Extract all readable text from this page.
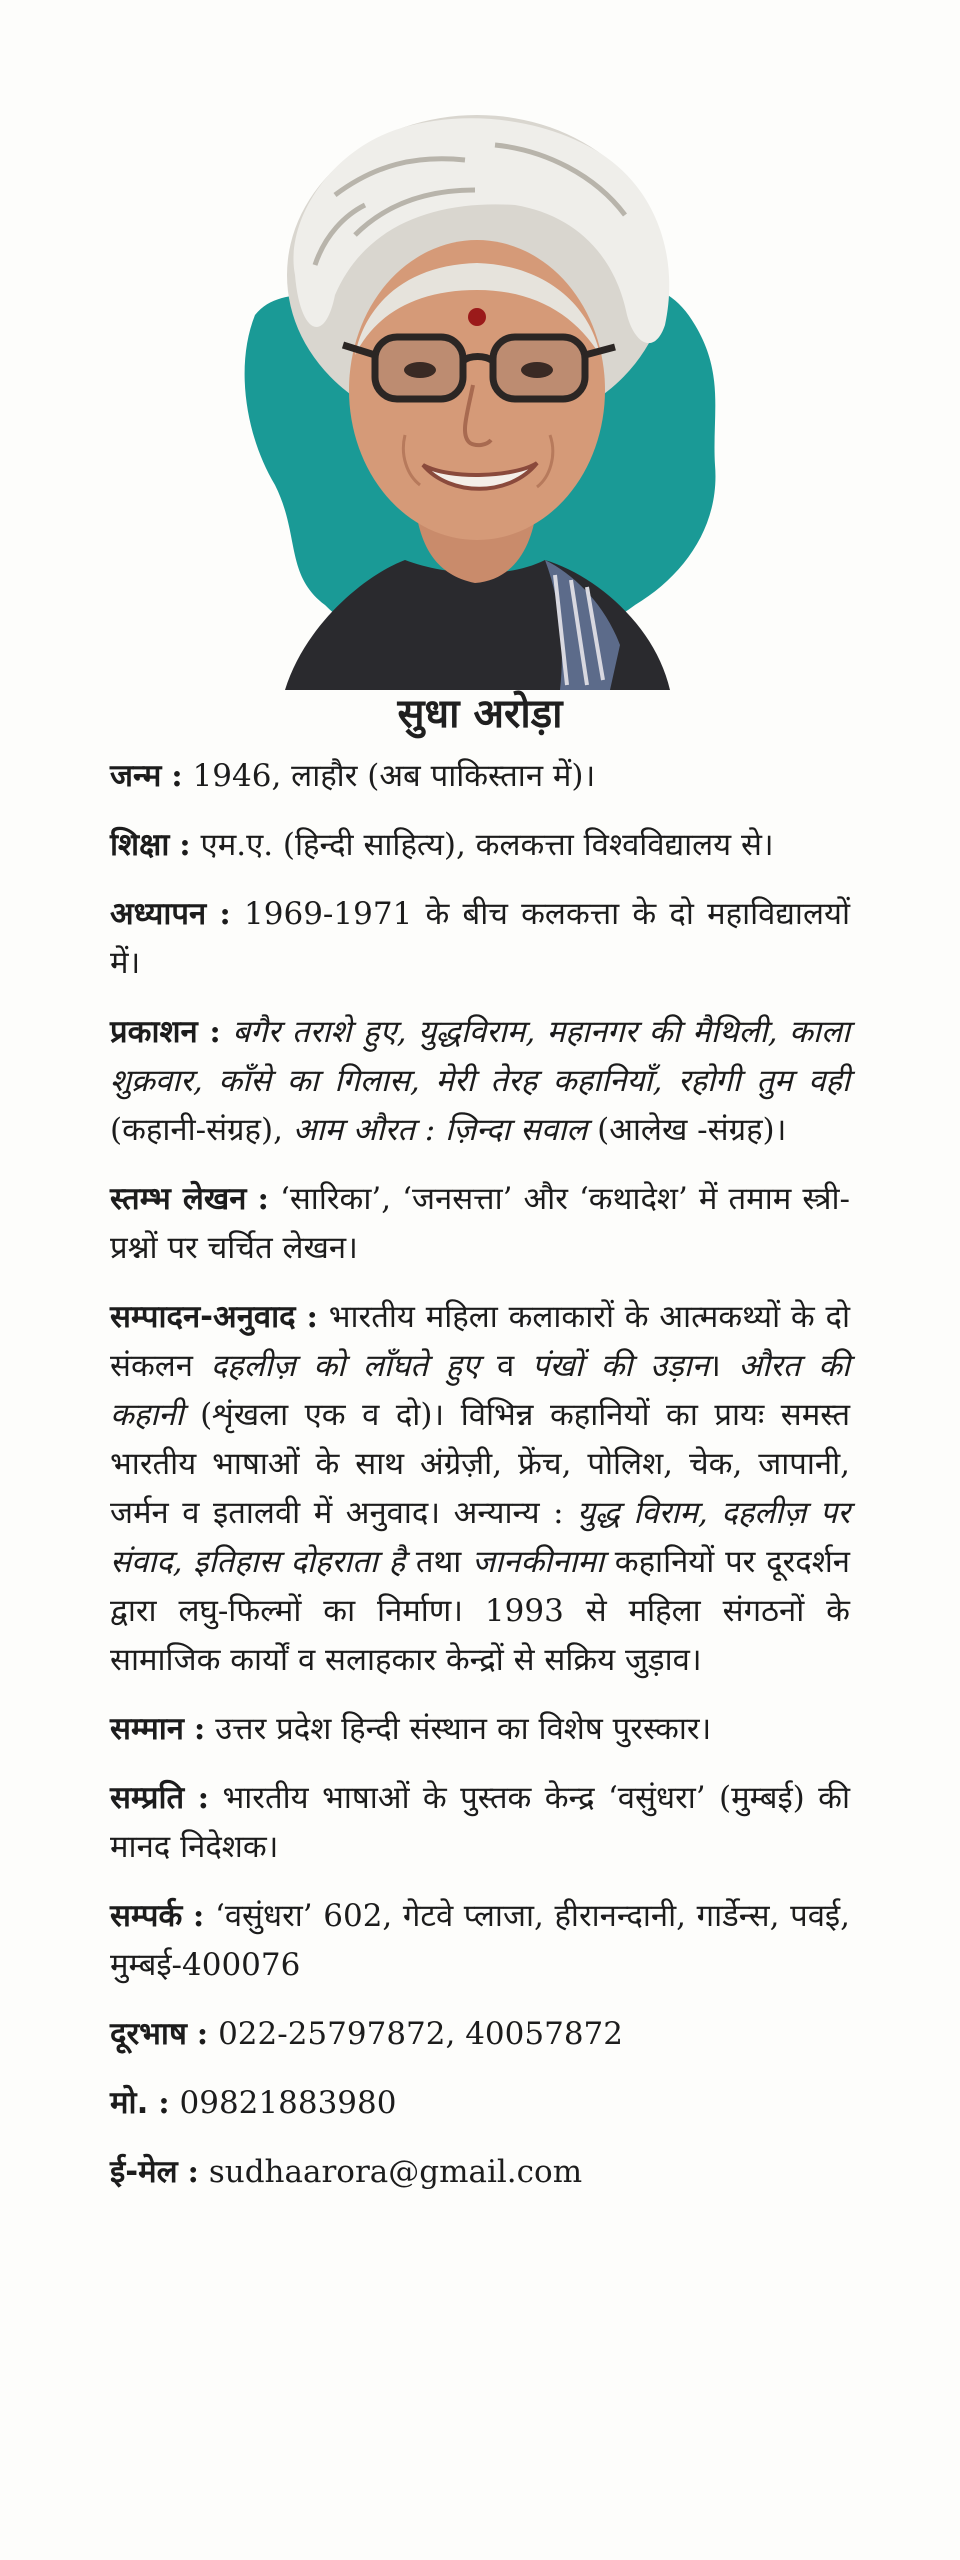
सुधा अरोड़ा

जन्म : 1946, लाहौर (अब पाकिस्तान में)।

शिक्षा : एम.ए. (हिन्दी साहित्य), कलकत्ता विश्वविद्यालय से।

अध्यापन : 1969-1971 के बीच कलकत्ता के दो महाविद्यालयों में।

प्रकाशन : बगैर तराशे हुए, युद्धविराम, महानगर की मैथिली, काला शुक्रवार, काँसे का गिलास, मेरी तेरह कहानियाँ, रहोगी तुम वही (कहानी-संग्रह), आम औरत : ज़िन्दा सवाल (आलेख -संग्रह)।

स्तम्भ लेखन : ‘सारिका’, ‘जनसत्ता’ और ‘कथादेश’ में तमाम स्त्री-प्रश्नों पर चर्चित लेखन।

सम्पादन-अनुवाद : भारतीय महिला कलाकारों के आत्मकथ्यों के दो संकलन दहलीज़ को लाँघते हुए व पंखों की उड़ान। औरत की कहानी (शृंखला एक व दो)। विभिन्न कहानियों का प्रायः समस्त भारतीय भाषाओं के साथ अंग्रेज़ी, फ्रेंच, पोलिश, चेक, जापानी, जर्मन व इतालवी में अनुवाद। अन्यान्य : युद्ध विराम, दहलीज़ पर संवाद, इतिहास दोहराता है तथा जानकीनामा कहानियों पर दूरदर्शन द्वारा लघु-फिल्मों का निर्माण। 1993 से महिला संगठनों के सामाजिक कार्यों व सलाहकार केन्द्रों से सक्रिय जुड़ाव।

सम्मान : उत्तर प्रदेश हिन्दी संस्थान का विशेष पुरस्कार।

सम्प्रति : भारतीय भाषाओं के पुस्तक केन्द्र ‘वसुंधरा’ (मुम्बई) की मानद निदेशक।

सम्पर्क : ‘वसुंधरा’ 602, गेटवे प्लाजा, हीरानन्दानी, गार्डेन्स, पवई, मुम्बई-400076

दूरभाष : 022-25797872, 40057872

मो. : 09821883980

ई-मेल : sudhaarora@gmail.com
